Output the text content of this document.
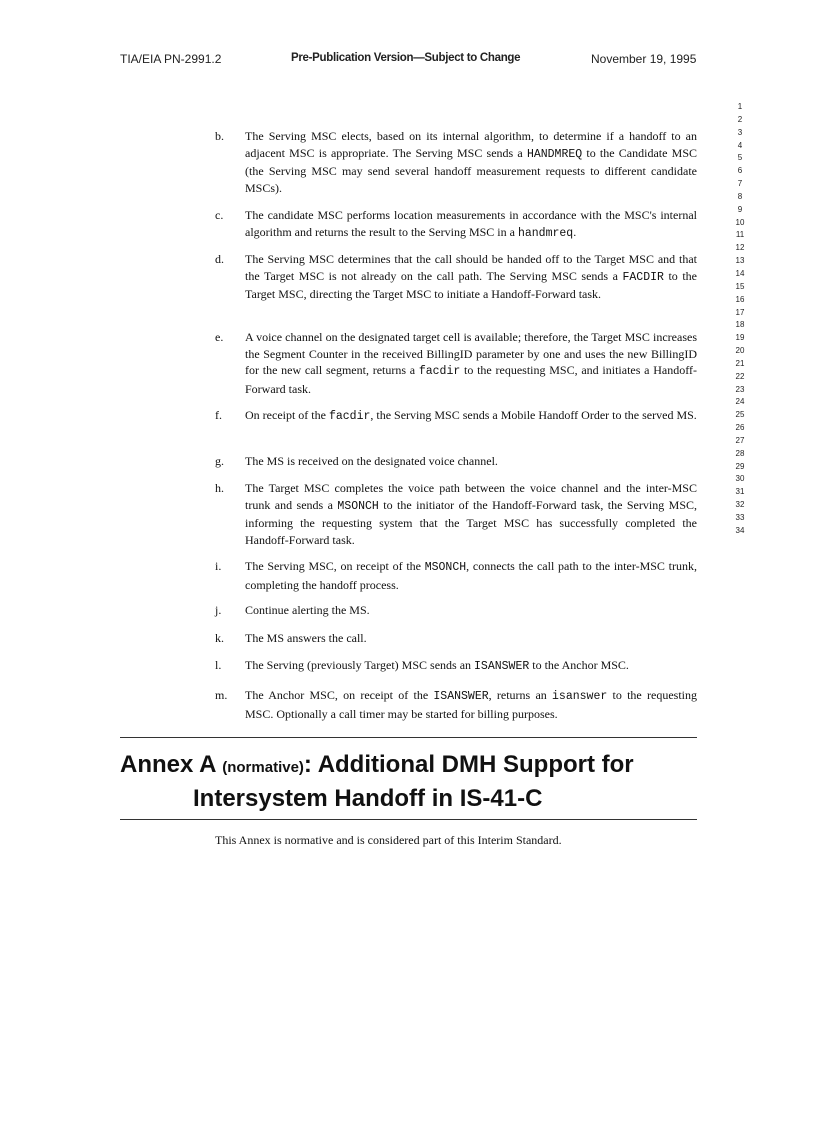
TIA/EIA PN-2991.2	Pre-Publication Version—Subject to Change	November 19, 1995
1
2
3
4
5
6
7
8
9
10
11
12
13
14
15
16
17
18
19
20
21
22
23
24
25
26
27
28
29
30
31
32
33
34
b. The Serving MSC elects, based on its internal algorithm, to determine if a handoff to an adjacent MSC is appropriate. The Serving MSC sends a HANDMREQ to the Candidate MSC (the Serving MSC may send several handoff measurement requests to different candidate MSCs).
c. The candidate MSC performs location measurements in accordance with the MSC's internal algorithm and returns the result to the Serving MSC in a handmreq.
d. The Serving MSC determines that the call should be handed off to the Target MSC and that the Target MSC is not already on the call path. The Serving MSC sends a FACDIR to the Target MSC, directing the Target MSC to initiate a Handoff-Forward task.
e. A voice channel on the designated target cell is available; therefore, the Target MSC increases the Segment Counter in the received BillingID parameter by one and uses the new BillingID for the new call segment, returns a facdir to the requesting MSC, and initiates a Handoff-Forward task.
f. On receipt of the facdir, the Serving MSC sends a Mobile Handoff Order to the served MS.
g. The MS is received on the designated voice channel.
h. The Target MSC completes the voice path between the voice channel and the inter-MSC trunk and sends a MSONCH to the initiator of the Handoff-Forward task, the Serving MSC, informing the requesting system that the Target MSC has successfully completed the Handoff-Forward task.
i. The Serving MSC, on receipt of the MSONCH, connects the call path to the inter-MSC trunk, completing the handoff process.
j. Continue alerting the MS.
k. The MS answers the call.
l. The Serving (previously Target) MSC sends an ISANSWER to the Anchor MSC.
m. The Anchor MSC, on receipt of the ISANSWER, returns an isanswer to the requesting MSC. Optionally a call timer may be started for billing purposes.
Annex A (normative): Additional DMH Support for
Intersystem Handoff in IS-41-C
This Annex is normative and is considered part of this Interim Standard.
